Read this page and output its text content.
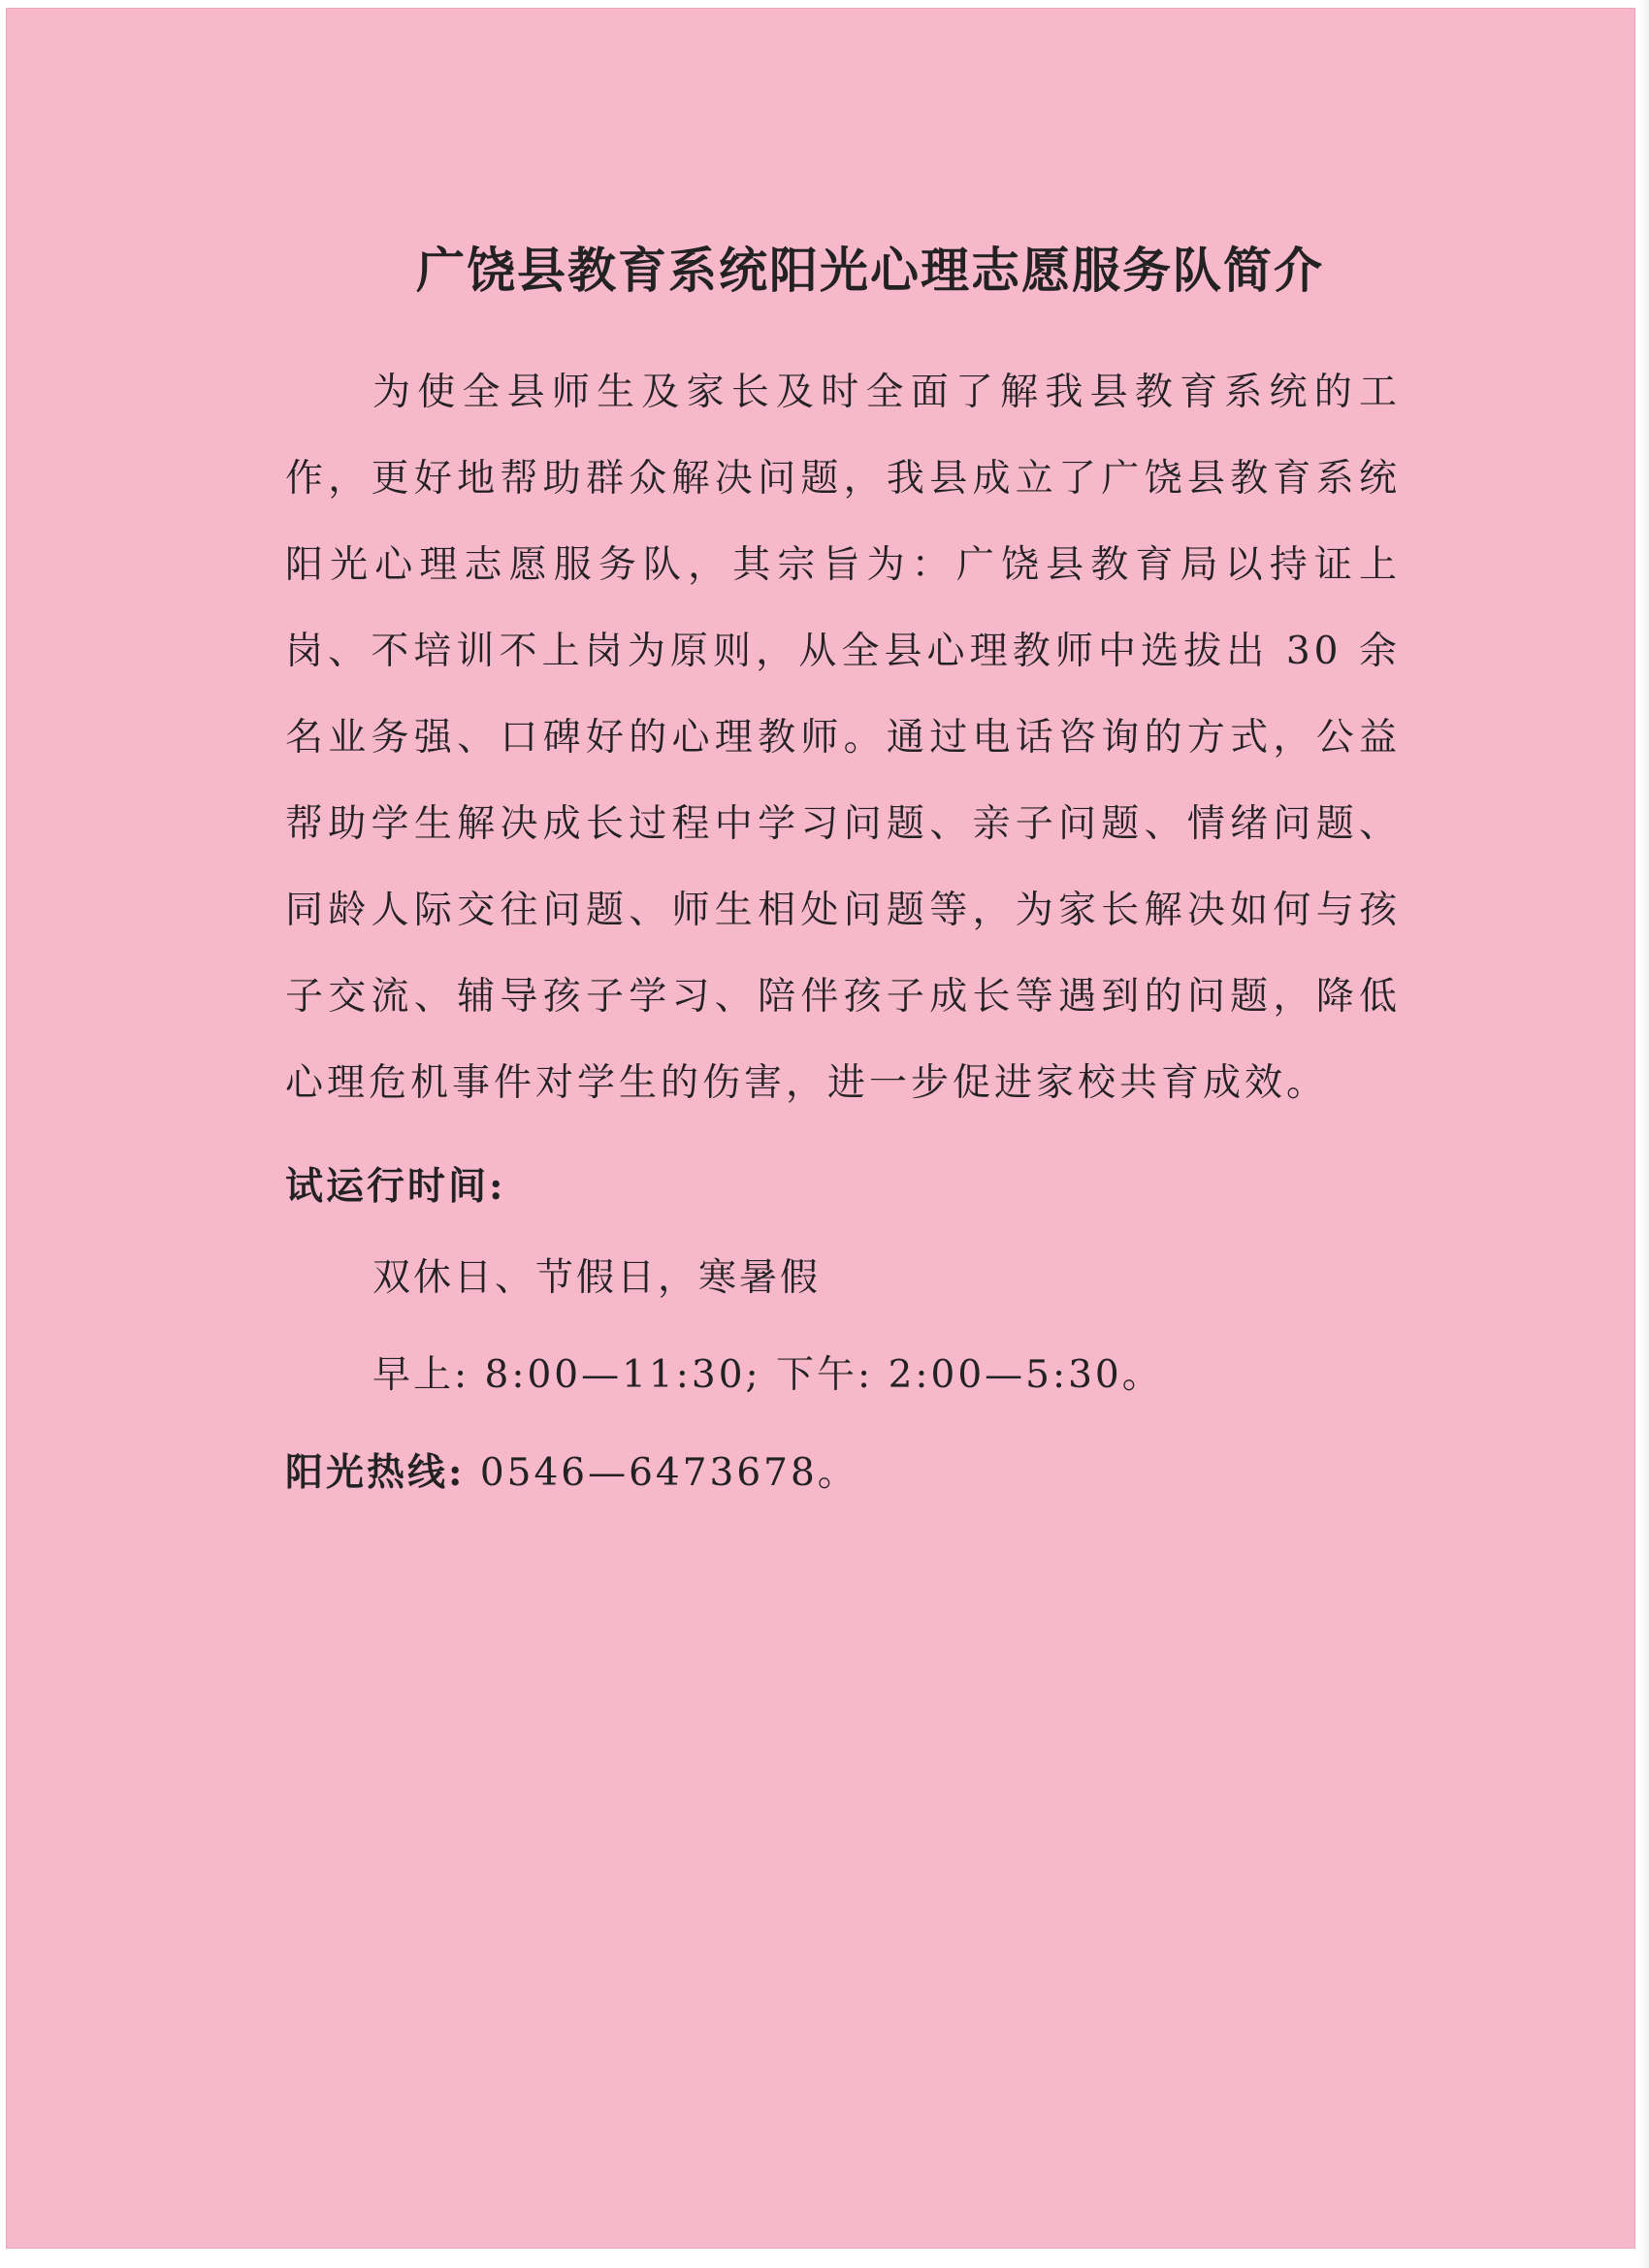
广饶县教育系统阳光心理志愿服务队简介

为使全县师生及家长及时全面了解我县教育系统的工作，更好地帮助群众解决问题，我县成立了广饶县教育系统阳光心理志愿服务队，其宗旨为：广饶县教育局以持证上岗、不培训不上岗为原则，从全县心理教师中选拔出 30 余名业务强、口碑好的心理教师。通过电话咨询的方式，公益帮助学生解决成长过程中学习问题、亲子问题、情绪问题、同龄人际交往问题、师生相处问题等，为家长解决如何与孩子交流、辅导孩子学习、陪伴孩子成长等遇到的问题，降低心理危机事件对学生的伤害，进一步促进家校共育成效。

试运行时间:

双休日、节假日，寒暑假

早上: 8:00—11:30; 下午: 2:00—5:30。

阳光热线: 0546—6473678。
